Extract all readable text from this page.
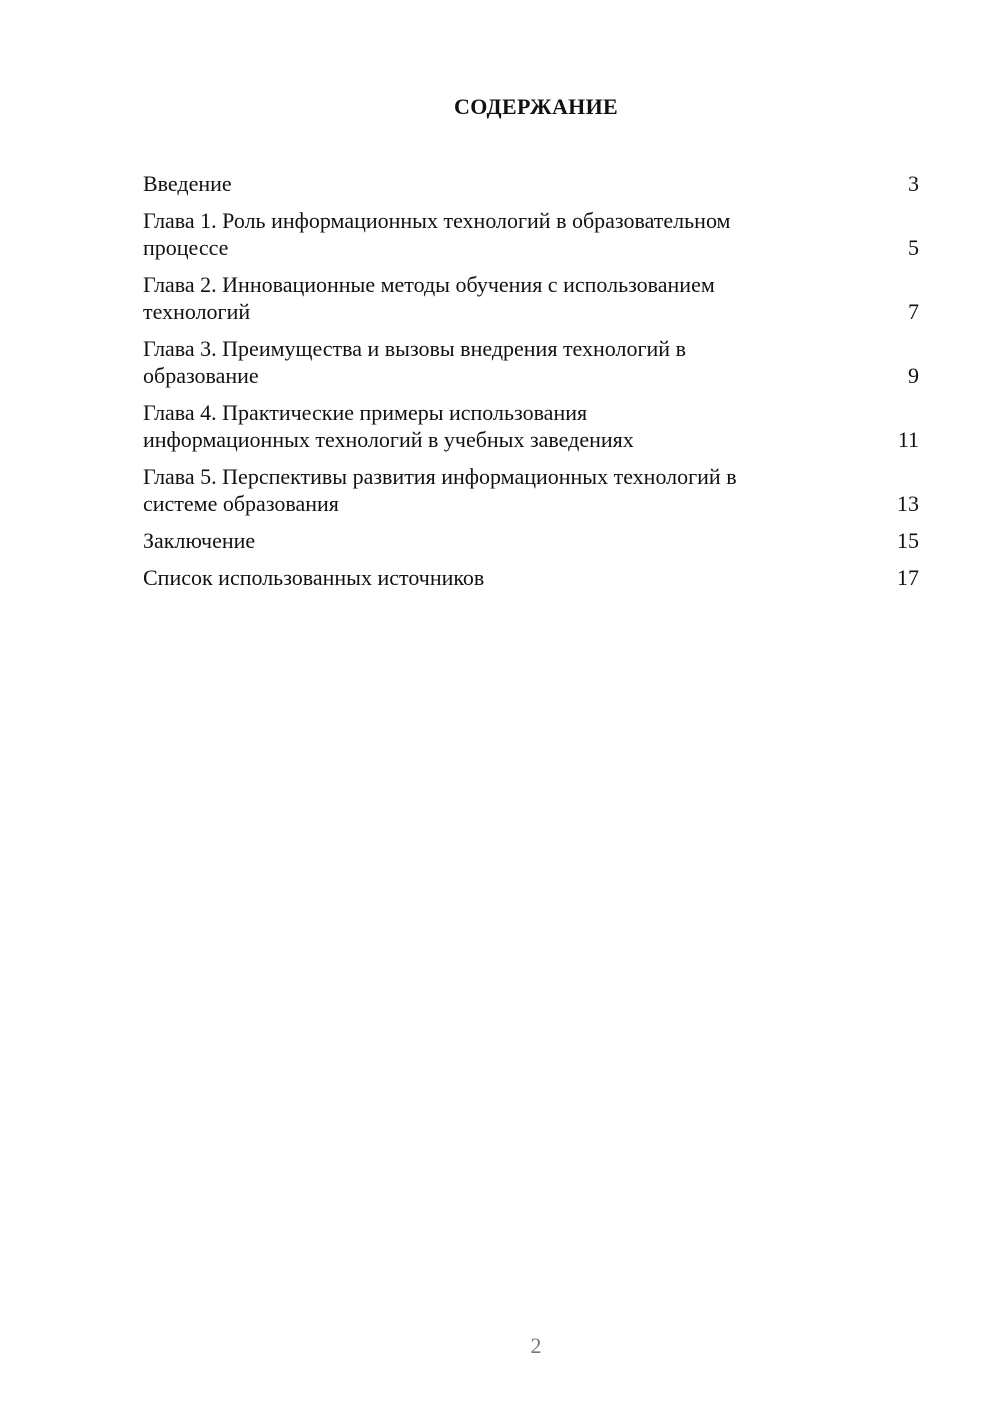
СОДЕРЖАНИЕ
Введение	3
Глава 1. Роль информационных технологий в образовательном
процессе	5
Глава 2. Инновационные методы обучения с использованием
технологий	7
Глава 3. Преимущества и вызовы внедрения технологий в
образование	9
Глава 4. Практические примеры использования
информационных технологий в учебных заведениях	11
Глава 5. Перспективы развития информационных технологий в
системе образования	13
Заключение	15
Список использованных источников	17
2
